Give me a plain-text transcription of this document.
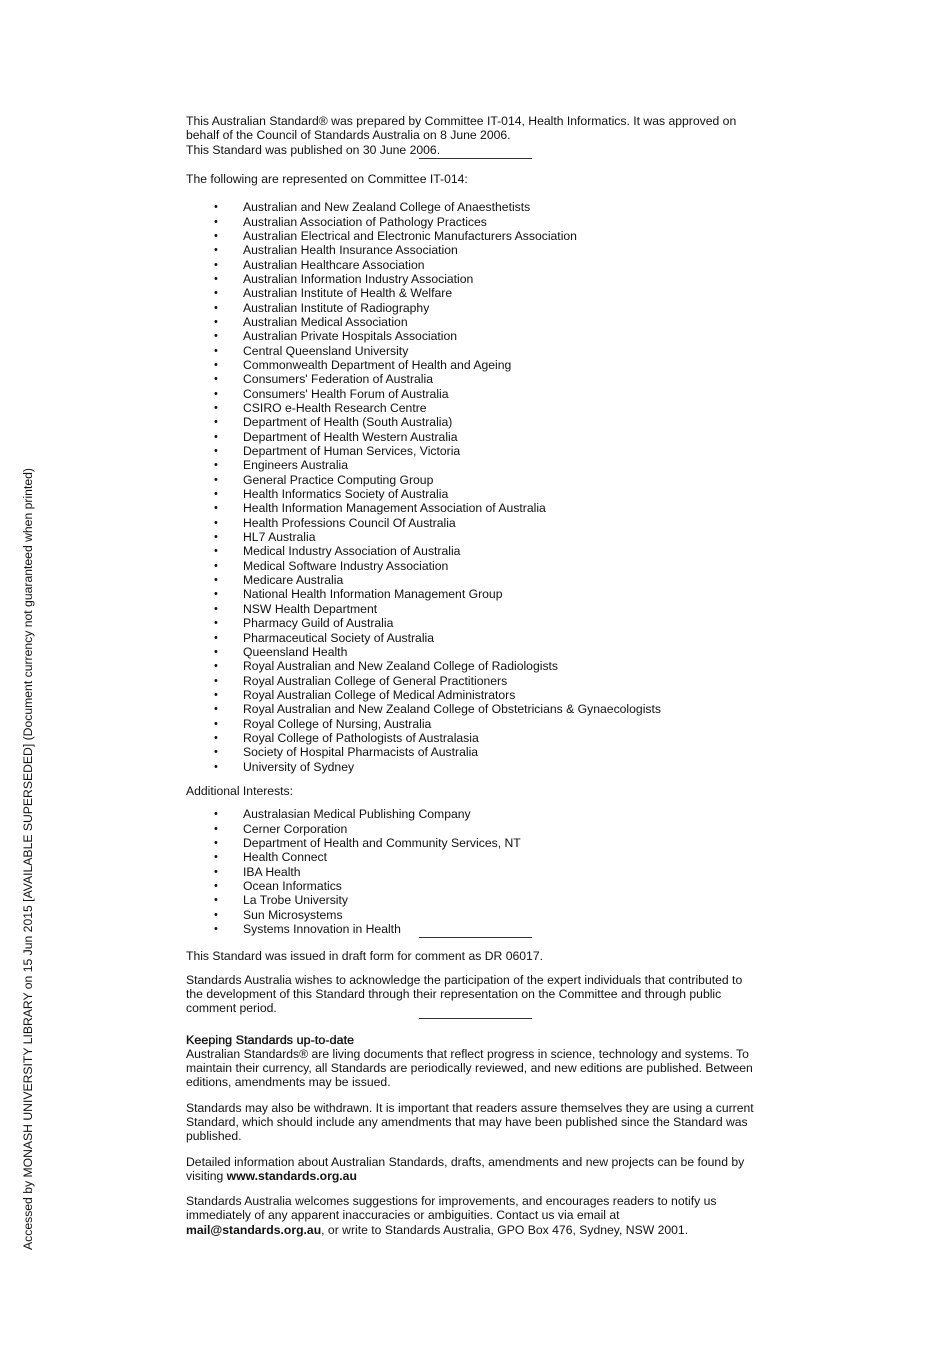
Accessed by MONASH UNIVERSITY LIBRARY on 15 Jun 2015 [AVAILABLE SUPERSEDED] (Document currency not guaranteed when printed)

This Australian Standard® was prepared by Committee IT-014, Health Informatics. It was approved on

behalf of the Council of Standards Australia on 8 June 2006.

This Standard was published on 30 June 2006.

The following are represented on Committee IT-014:

• Australian and New Zealand College of Anaesthetists
• Australian Association of Pathology Practices
• Australian Electrical and Electronic Manufacturers Association
• Australian Health Insurance Association
• Australian Healthcare Association
• Australian Information Industry Association
• Australian Institute of Health & Welfare
• Australian Institute of Radiography
• Australian Medical Association
• Australian Private Hospitals Association
• Central Queensland University
• Commonwealth Department of Health and Ageing
• Consumers' Federation of Australia
• Consumers' Health Forum of Australia
• CSIRO e-Health Research Centre
• Department of Health (South Australia)
• Department of Health Western Australia
• Department of Human Services, Victoria
• Engineers Australia
• General Practice Computing Group
• Health Informatics Society of Australia
• Health Information Management Association of Australia
• Health Professions Council Of Australia
• HL7 Australia
• Medical Industry Association of Australia
• Medical Software Industry Association
• Medicare Australia
• National Health Information Management Group
• NSW Health Department
• Pharmacy Guild of Australia
• Pharmaceutical Society of Australia
• Queensland Health
• Royal Australian and New Zealand College of Radiologists
• Royal Australian College of General Practitioners
• Royal Australian College of Medical Administrators
• Royal Australian and New Zealand College of Obstetricians & Gynaecologists
• Royal College of Nursing, Australia
• Royal College of Pathologists of Australasia
• Society of Hospital Pharmacists of Australia
• University of Sydney

Additional Interests:

• Australasian Medical Publishing Company
• Cerner Corporation
• Department of Health and Community Services, NT
• Health Connect
• IBA Health
• Ocean Informatics
• La Trobe University
• Sun Microsystems
• Systems Innovation in Health

This Standard was issued in draft form for comment as DR 06017.

Standards Australia wishes to acknowledge the participation of the expert individuals that contributed to

the development of this Standard through their representation on the Committee and through public

comment period.

Keeping Standards up-to-date

Australian Standards® are living documents that reflect progress in science, technology and systems. To

maintain their currency, all Standards are periodically reviewed, and new editions are published. Between

editions, amendments may be issued.

Standards may also be withdrawn. It is important that readers assure themselves they are using a current

Standard, which should include any amendments that may have been published since the Standard was

published.

Detailed information about Australian Standards, drafts, amendments and new projects can be found by

visiting www.standards.org.au

Standards Australia welcomes suggestions for improvements, and encourages readers to notify us

immediately of any apparent inaccuracies or ambiguities. Contact us via email at

mail@standards.org.au, or write to Standards Australia, GPO Box 476, Sydney, NSW 2001.
